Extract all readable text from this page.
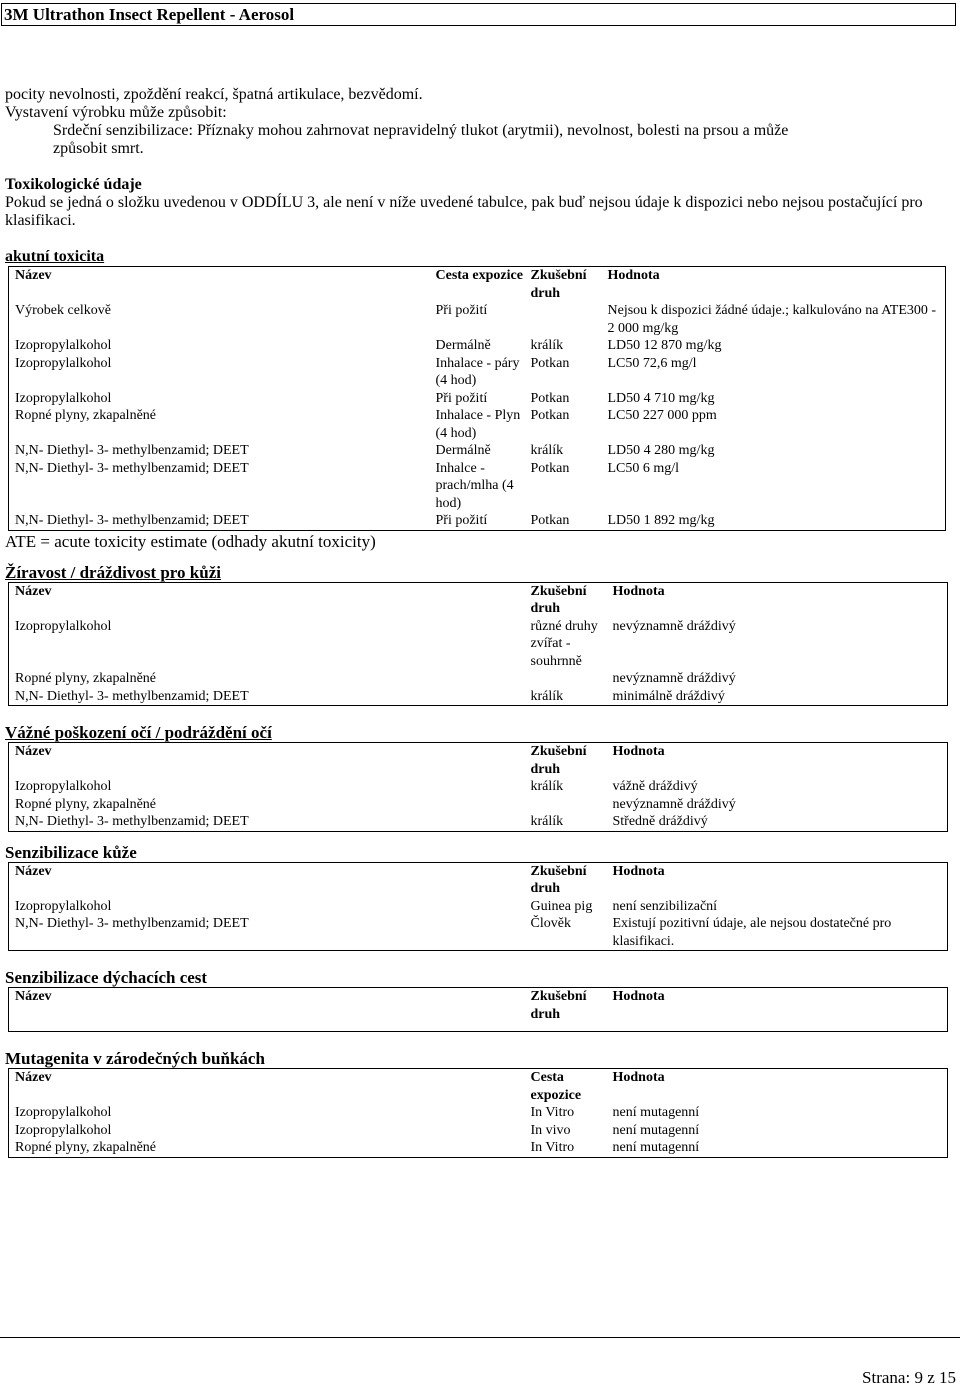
3M Ultrathon Insect Repellent - Aerosol

pocity nevolnosti, zpoždění reakcí, špatná artikulace, bezvědomí.

Vystavení výrobku může způsobit:

Srdeční senzibilizace: Příznaky mohou zahrnovat nepravidelný tlukot (arytmii), nevolnost, bolesti na prsou a může

způsobit smrt.

Toxikologické údaje

Pokud se jedná o složku uvedenou v ODDÍLU 3, ale není v níže uvedené tabulce, pak buď nejsou údaje k dispozici nebo nejsou postačující pro klasifikaci.

akutní toxicita

Název	Cesta expozice	Zkušební druh	Hodnota
Výrobek celkově	Při požití		Nejsou k dispozici žádné údaje.; kalkulováno na ATE300 - 2 000 mg/kg
Izopropylalkohol	Dermálně	králík	LD50 12 870 mg/kg
Izopropylalkohol	Inhalace - páry (4 hod)	Potkan	LC50 72,6 mg/l
Izopropylalkohol	Při požití	Potkan	LD50 4 710 mg/kg
Ropné plyny, zkapalněné	Inhalace - Plyn (4 hod)	Potkan	LC50 227 000 ppm
N,N- Diethyl- 3- methylbenzamid; DEET	Dermálně	králík	LD50 4 280 mg/kg
N,N- Diethyl- 3- methylbenzamid; DEET	Inhalce - prach/mlha (4 hod)	Potkan	LC50 6 mg/l
N,N- Diethyl- 3- methylbenzamid; DEET	Při požití	Potkan	LD50 1 892 mg/kg

ATE = acute toxicity estimate (odhady akutní toxicity)

Žíravost / dráždivost pro kůži

Název	Zkušební druh	Hodnota
Izopropylalkohol	různé druhy zvířat - souhrnně	nevýznamně dráždivý
Ropné plyny, zkapalněné		nevýznamně dráždivý
N,N- Diethyl- 3- methylbenzamid; DEET	králík	minimálně dráždivý

Vážné poškození očí / podráždění očí

Název	Zkušební druh	Hodnota
Izopropylalkohol	králík	vážně dráždivý
Ropné plyny, zkapalněné		nevýznamně dráždivý
N,N- Diethyl- 3- methylbenzamid; DEET	králík	Středně dráždivý

Senzibilizace kůže

Název	Zkušební druh	Hodnota
Izopropylalkohol	Guinea pig	není senzibilizační
N,N- Diethyl- 3- methylbenzamid; DEET	Člověk	Existují pozitivní údaje, ale nejsou dostatečné pro klasifikaci.

Senzibilizace dýchacích cest

Název	Zkušební druh	Hodnota

Mutagenita v zárodečných buňkách

Název	Cesta expozice	Hodnota
Izopropylalkohol	In Vitro	není mutagenní
Izopropylalkohol	In vivo	není mutagenní
Ropné plyny, zkapalněné	In Vitro	není mutagenní
Strana: 9 z 15
